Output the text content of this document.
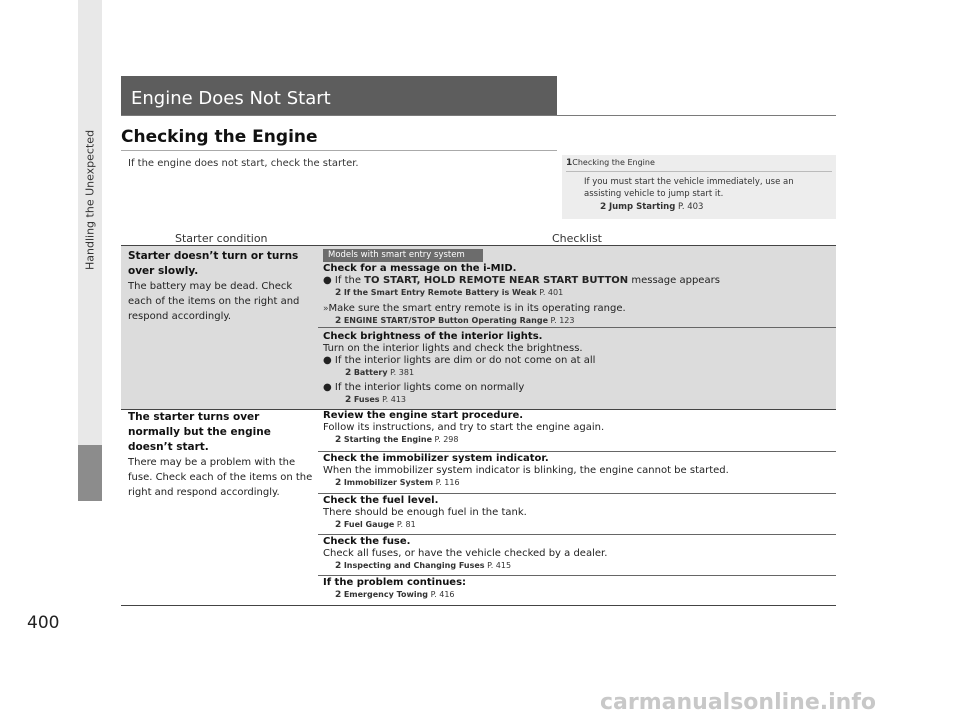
Handling the Unexpected
400
Engine Does Not Start
Checking the Engine
If the engine does not start, check the starter.	1Checking the Engine
If you must start the vehicle immediately, use an assisting vehicle to jump start it.
2 Jump Starting P. 403
Starter condition	Checklist
Starter doesn’t turn or turns over slowly.
The battery may be dead. Check each of the items on the right and respond accordingly.
Models with smart entry system
Check for a message on the i-MID.
● If the TO START, HOLD REMOTE NEAR START BUTTON message appears
2 If the Smart Entry Remote Battery is Weak P. 401
»Make sure the smart entry remote is in its operating range.
2 ENGINE START/STOP Button Operating Range P. 123
Check brightness of the interior lights.
Turn on the interior lights and check the brightness.
● If the interior lights are dim or do not come on at all
2 Battery P. 381
● If the interior lights come on normally
2 Fuses P. 413
The starter turns over normally but the engine doesn’t start.
There may be a problem with the fuse. Check each of the items on the right and respond accordingly.
Review the engine start procedure.
Follow its instructions, and try to start the engine again.
2 Starting the Engine P. 298
Check the immobilizer system indicator.
When the immobilizer system indicator is blinking, the engine cannot be started.
2 Immobilizer System P. 116
Check the fuel level.
There should be enough fuel in the tank.
2 Fuel Gauge P. 81
Check the fuse.
Check all fuses, or have the vehicle checked by a dealer.
2 Inspecting and Changing Fuses P. 415
If the problem continues:
2 Emergency Towing P. 416
carmanualsonline.info
